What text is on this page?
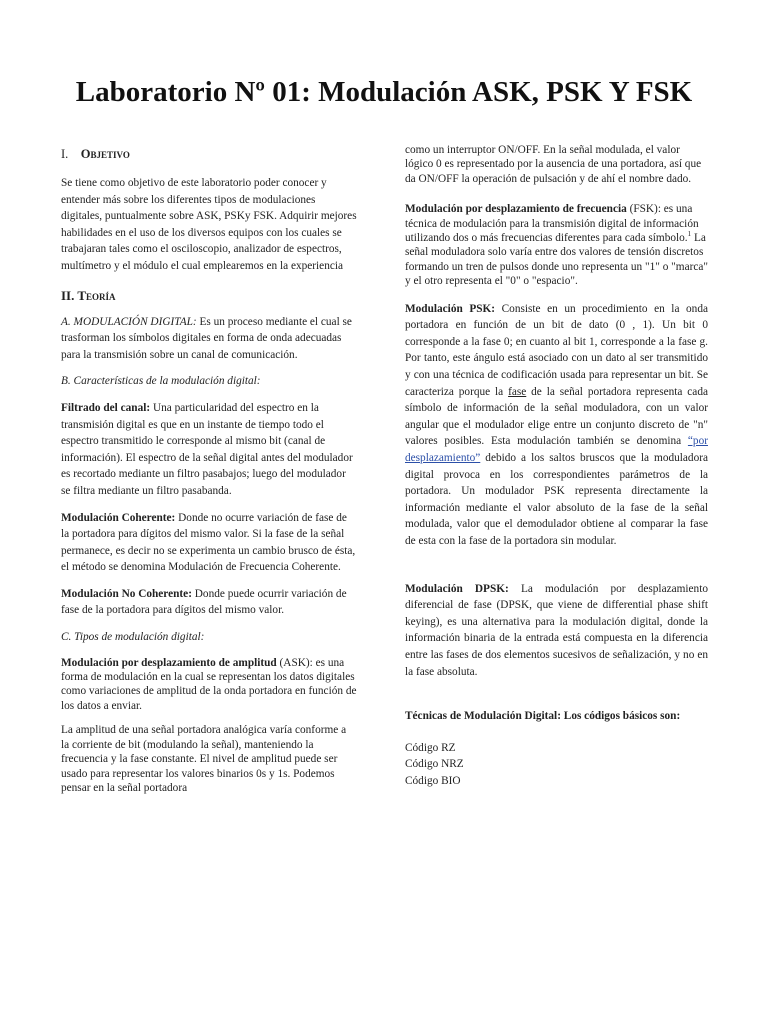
Laboratorio Nº 01: Modulación ASK, PSK Y FSK

I. Objetivo

Se tiene como objetivo de este laboratorio poder conocer y entender más sobre los diferentes tipos de modulaciones digitales, puntualmente sobre ASK, PSKy FSK. Adquirir mejores habilidades en el uso de los diversos equipos con los cuales se trabajaran tales como el osciloscopio, analizador de espectros, multímetro y el módulo el cual emplearemos en la experiencia

II. Teoría

A. MODULACIÓN DIGITAL: Es un proceso mediante el cual se trasforman los símbolos digitales en forma de onda adecuadas para la transmisión sobre un canal de comunicación.

B. Características de la modulación digital:

Filtrado del canal: Una particularidad del espectro en la transmisión digital es que en un instante de tiempo todo el espectro transmitido le corresponde al mismo bit (canal de información). El espectro de la señal digital antes del modulador es recortado mediante un filtro pasabajos; luego del modulador se filtra mediante un filtro pasabanda.

Modulación Coherente: Donde no ocurre variación de fase de la portadora para dígitos del mismo valor. Si la fase de la señal permanece, es decir no se experimenta un cambio brusco de ésta, el método se denomina Modulación de Frecuencia Coherente.

Modulación No Coherente: Donde puede ocurrir variación de fase de la portadora para dígitos del mismo valor.

C. Tipos de modulación digital:

Modulación por desplazamiento de amplitud (ASK): es una forma de modulación en la cual se representan los datos digitales como variaciones de amplitud de la onda portadora en función de los datos a enviar.

La amplitud de una señal portadora analógica varía conforme a la corriente de bit (modulando la señal), manteniendo la frecuencia y la fase constante. El nivel de amplitud puede ser usado para representar los valores binarios 0s y 1s. Podemos pensar en la señal portadora

como un interruptor ON/OFF. En la señal modulada, el valor lógico 0 es representado por la ausencia de una portadora, así que da ON/OFF la operación de pulsación y de ahí el nombre dado.

Modulación por desplazamiento de frecuencia (FSK): es una técnica de modulación para la transmisión digital de información utilizando dos o más frecuencias diferentes para cada símbolo.$^1$ La señal moduladora solo varía entre dos valores de tensión discretos formando un tren de pulsos donde uno representa un "1" o "marca" y el otro representa el "0" o "espacio".

Modulación PSK: Consiste en un procedimiento en la onda portadora en función de un bit de dato (0 , 1). Un bit 0 corresponde a la fase 0; en cuanto al bit 1, corresponde a la fase g. Por tanto, este ángulo está asociado con un dato al ser transmitido y con una técnica de codificación usada para representar un bit. Se caracteriza porque la fase de la señal portadora representa cada símbolo de información de la señal moduladora, con un valor angular que el modulador elige entre un conjunto discreto de "n" valores posibles. Esta modulación también se denomina “por desplazamiento” debido a los saltos bruscos que la moduladora digital provoca en los correspondientes parámetros de la portadora. Un modulador PSK representa directamente la información mediante el valor absoluto de la fase de la señal modulada, valor que el demodulador obtiene al comparar la fase de esta con la fase de la portadora sin modular.

Modulación DPSK: La modulación por desplazamiento diferencial de fase (DPSK, que viene de differential phase shift keying), es una alternativa para la modulación digital, donde la información binaria de la entrada está compuesta en la diferencia entre las fases de dos elementos sucesivos de señalización, y no en la fase absoluta.

Técnicas de Modulación Digital: Los códigos básicos son:

Código RZ

Código NRZ

Código BIO
